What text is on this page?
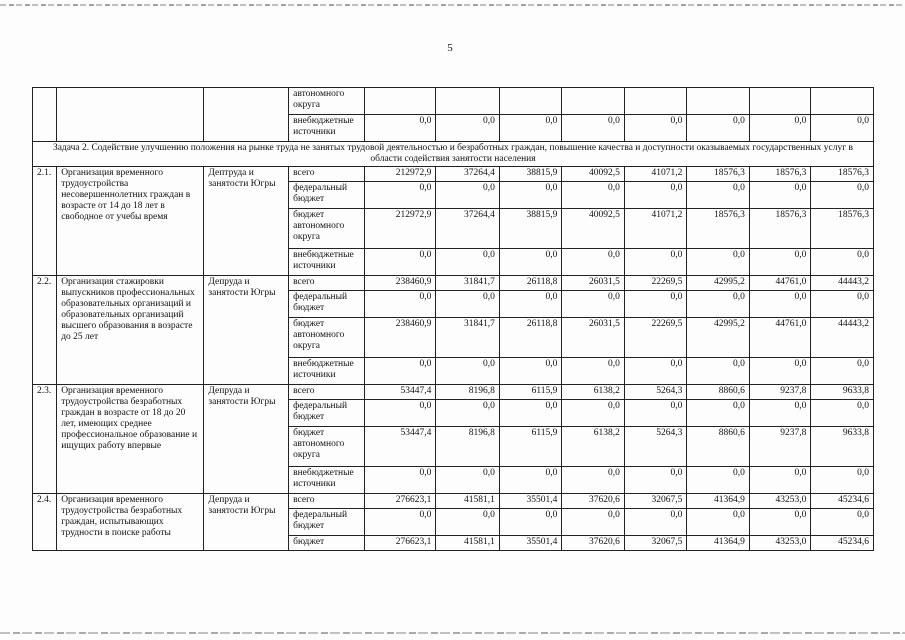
5
			автономного округа								
			внебюджетные источники	0,0	0,0	0,0	0,0	0,0	0,0	0,0	0,0
Задача 2. Содействие улучшению положения на рынке труда не занятых трудовой деятельностью и безработных граждан, повышение качества и доступности оказываемых государственных услуг в области содействия занятости населения											
2.1.	Организация временного трудоустройства несовершеннолетних граждан в возрасте от 14 до 18 лет в свободное от учебы время	Дептруда и занятости Югры	всего	212972,9	37264,4	38815,9	40092,5	41071,2	18576,3	18576,3	18576,3
			федеральный бюджет	0,0	0,0	0,0	0,0	0,0	0,0	0,0	0,0
			бюджет автономного округа	212972,9	37264,4	38815,9	40092,5	41071,2	18576,3	18576,3	18576,3
			внебюджетные источники	0,0	0,0	0,0	0,0	0,0	0,0	0,0	0,0
2.2.	Организация стажировки выпускников профессиональных образовательных организаций и образовательных организаций высшего образования в возрасте до 25 лет	Депруда и занятости Югры	всего	238460,9	31841,7	26118,8	26031,5	22269,5	42995,2	44761,0	44443,2
			федеральный бюджет	0,0	0,0	0,0	0,0	0,0	0,0	0,0	0,0
			бюджет автономного округа	238460,9	31841,7	26118,8	26031,5	22269,5	42995,2	44761,0	44443,2
			внебюджетные источники	0,0	0,0	0,0	0,0	0,0	0,0	0,0	0,0
2.3.	Организация временного трудоустройства безработных граждан в возрасте от 18 до 20 лет, имеющих среднее профессиональное образование и ищущих работу впервые	Депруда и занятости Югры	всего	53447,4	8196,8	6115,9	6138,2	5264,3	8860,6	9237,8	9633,8
			федеральный бюджет	0,0	0,0	0,0	0,0	0,0	0,0	0,0	0,0
			бюджет автономного округа	53447,4	8196,8	6115,9	6138,2	5264,3	8860,6	9237,8	9633,8
			внебюджетные источники	0,0	0,0	0,0	0,0	0,0	0,0	0,0	0,0
2.4.	Организация временного трудоустройства безработных граждан, испытывающих трудности в поиске работы	Депруда и занятости Югры	всего	276623,1	41581,1	35501,4	37620,6	32067,5	41364,9	43253,0	45234,6
			федеральный бюджет	0,0	0,0	0,0	0,0	0,0	0,0	0,0	0,0
			бюджет	276623,1	41581,1	35501,4	37620,6	32067,5	41364,9	43253,0	45234,6
